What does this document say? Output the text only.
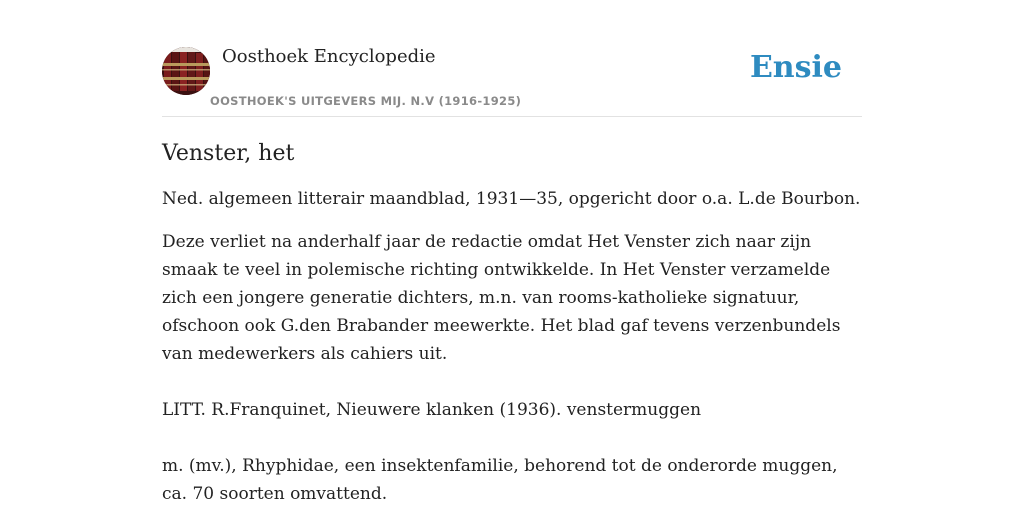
Oosthoek Encyclopedie
OOSTHOEK'S UITGEVERS MIJ. N.V (1916-1925)
Ensie
Venster, het

Ned. algemeen litterair maandblad, 1931—35, opgericht door o.a. L.de Bourbon.

Deze verliet na anderhalf jaar de redactie omdat Het Venster zich naar zijn smaak te veel in polemische richting ontwikkelde. In Het Venster verzamelde zich een jongere generatie dichters, m.n. van rooms-katholieke signatuur, ofschoon ook G.den Brabander meewerkte. Het blad gaf tevens verzenbundels van medewerkers als cahiers uit.

LITT. R.Franquinet, Nieuwere klanken (1936). venstermuggen

m. (mv.), Rhyphidae, een insektenfamilie, behorend tot de onderorde muggen, ca. 70 soorten omvattend.
